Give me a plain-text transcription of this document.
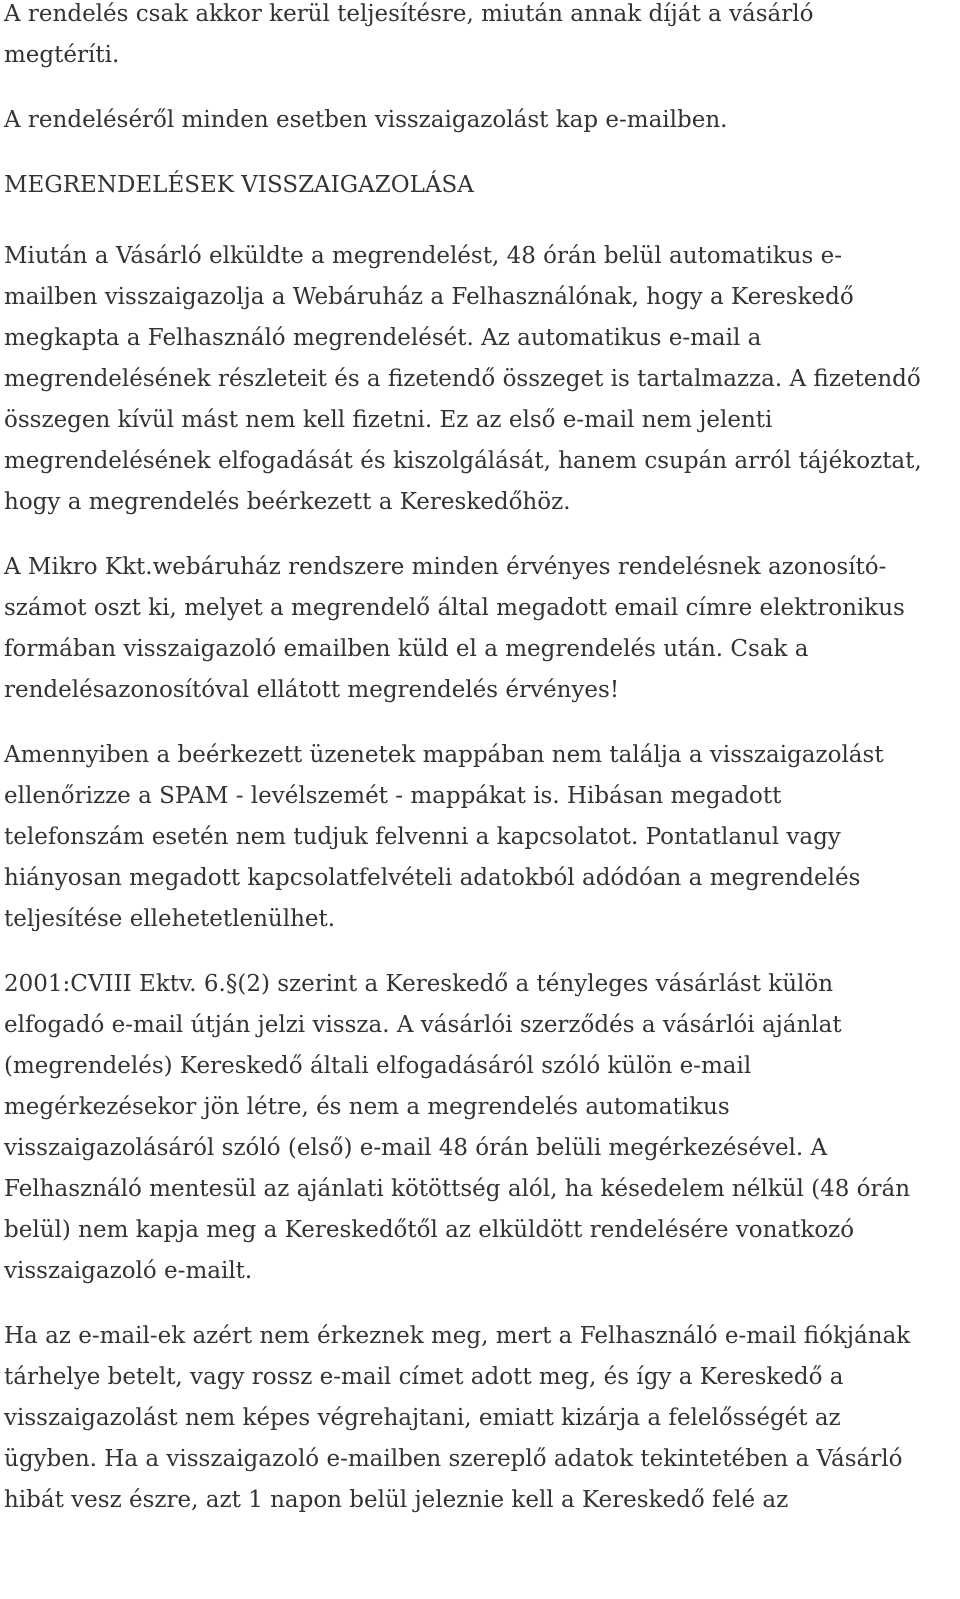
A rendelés csak akkor kerül teljesítésre, miután annak díját a vásárló
megtéríti.

A rendeléséről minden esetben visszaigazolást kap e-mailben.

MEGRENDELÉSEK VISSZAIGAZOLÁSA

Miután a Vásárló elküldte a megrendelést, 48 órán belül automatikus e-
mailben visszaigazolja a Webáruház a Felhasználónak, hogy a Kereskedő
megkapta a Felhasználó megrendelését. Az automatikus e-mail a
megrendelésének részleteit és a fizetendő összeget is tartalmazza. A fizetendő
összegen kívül mást nem kell fizetni. Ez az első e-mail nem jelenti
megrendelésének elfogadását és kiszolgálását, hanem csupán arról tájékoztat,
hogy a megrendelés beérkezett a Kereskedőhöz.

A Mikro Kkt.webáruház rendszere minden érvényes rendelésnek azonosító-
számot oszt ki, melyet a megrendelő által megadott email címre elektronikus
formában visszaigazoló emailben küld el a megrendelés után. Csak a
rendelésazonosítóval ellátott megrendelés érvényes!

Amennyiben a beérkezett üzenetek mappában nem találja a visszaigazolást
ellenőrizze a SPAM - levélszemét - mappákat is. Hibásan megadott
telefonszám esetén nem tudjuk felvenni a kapcsolatot. Pontatlanul vagy
hiányosan megadott kapcsolatfelvételi adatokból adódóan a megrendelés
teljesítése ellehetetlenülhet.

2001:CVIII Ektv. 6.§(2) szerint a Kereskedő a tényleges vásárlást külön
elfogadó e-mail útján jelzi vissza. A vásárlói szerződés a vásárlói ajánlat
(megrendelés) Kereskedő általi elfogadásáról szóló külön e-mail
megérkezésekor jön létre, és nem a megrendelés automatikus
visszaigazolásáról szóló (első) e-mail 48 órán belüli megérkezésével. A
Felhasználó mentesül az ajánlati kötöttség alól, ha késedelem nélkül (48 órán
belül) nem kapja meg a Kereskedőtől az elküldött rendelésére vonatkozó
visszaigazoló e-mailt.

Ha az e-mail-ek azért nem érkeznek meg, mert a Felhasználó e-mail fiókjának
tárhelye betelt, vagy rossz e-mail címet adott meg, és így a Kereskedő a
visszaigazolást nem képes végrehajtani, emiatt kizárja a felelősségét az
ügyben. Ha a visszaigazoló e-mailben szereplő adatok tekintetében a Vásárló
hibát vesz észre, azt 1 napon belül jeleznie kell a Kereskedő felé az
